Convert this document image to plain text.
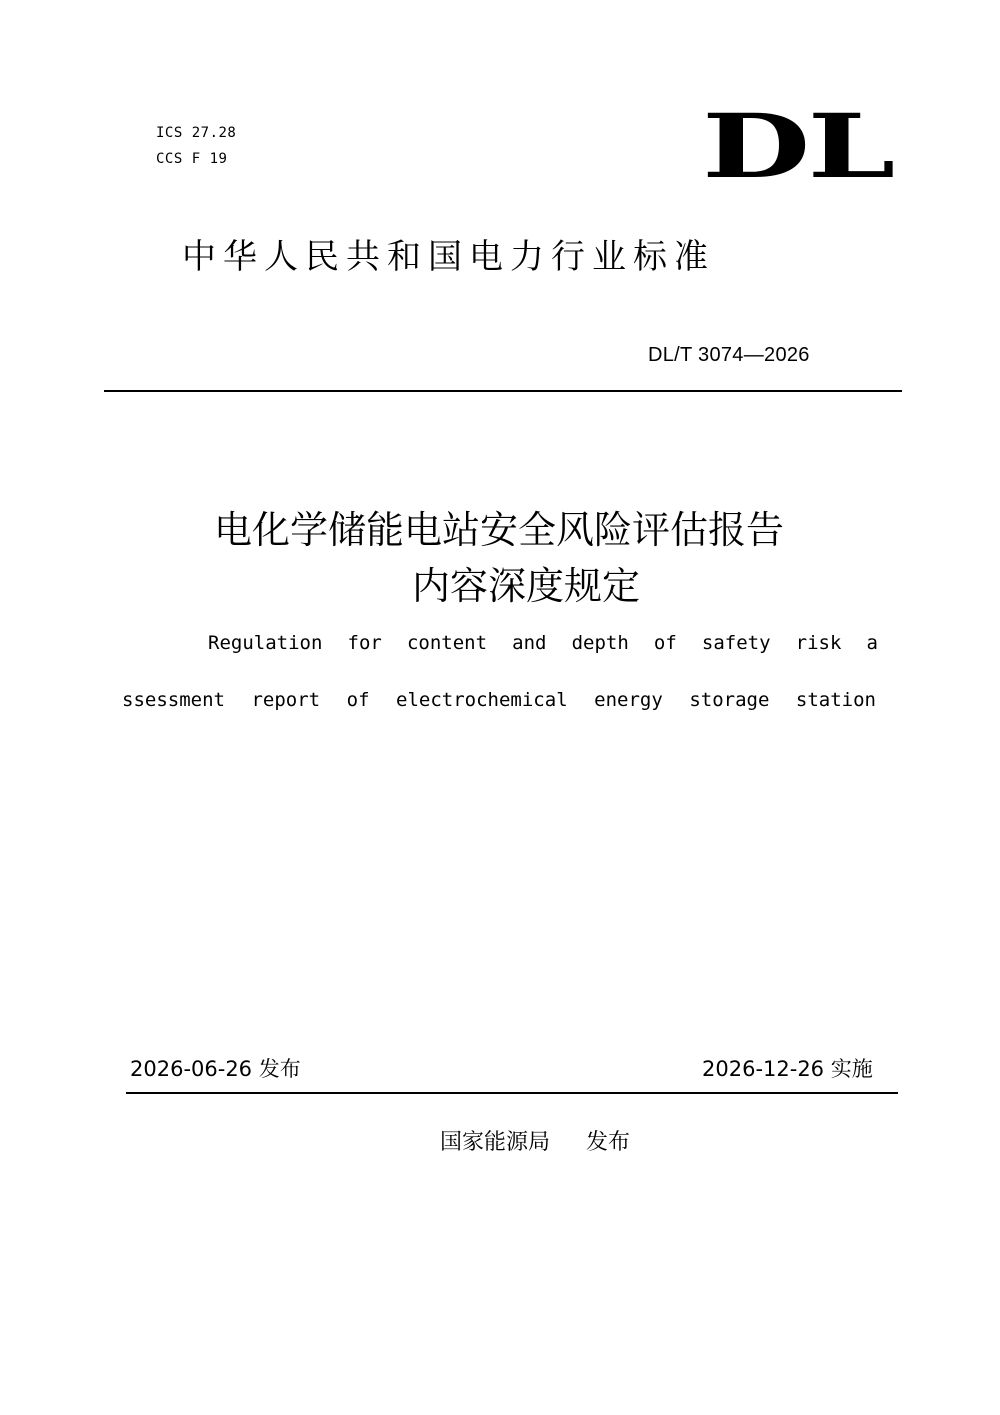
ICS 27.28
CCS F 19	DL
中华人民共和国电力行业标准
DL/T 3074—2026
电化学储能电站安全风险评估报告
内容深度规定
Regulation for content and depth of safety risk a
ssessment report of electrochemical energy storage station
2026-06-26 发布	2026-12-26 实施
国家能源局 发布
